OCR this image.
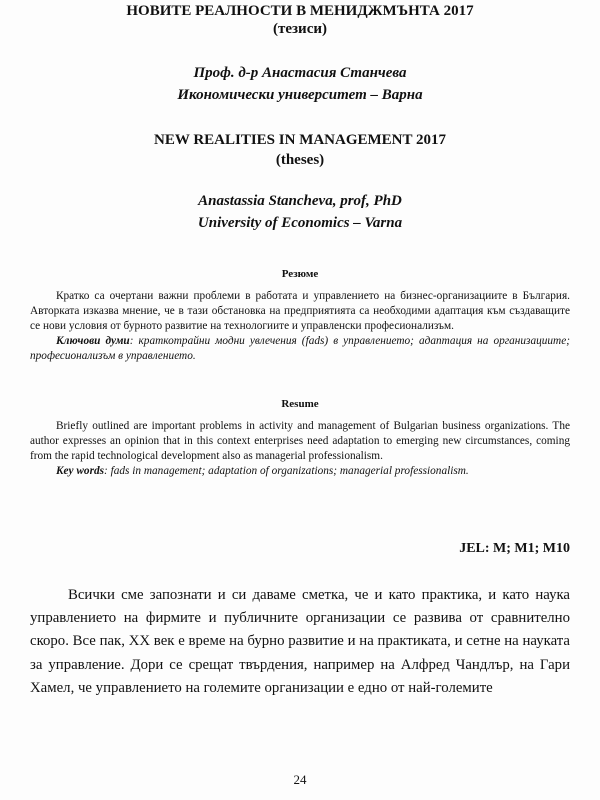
НОВИТЕ РЕАЛНОСТИ В МЕНИДЖМЪНТА 2017
(тезиси)
Проф. д-р Анастасия Станчева
Икономически университет – Варна
NEW REALITIES IN MANAGEMENT 2017
(theses)
Anastassia Stancheva, prof, PhD
University of Economics – Varna
Резюме

Кратко са очертани важни проблеми в работата и управлението на бизнес-организациите в България. Авторката изказва мнение, че в тази обстановка на предприятията са необходими адаптация към създаващите се нови условия от бурното развитие на технологиите и управленски професионализъм.

Ключови думи: краткотрайни модни увлечения (fads) в управлението; адаптация на организациите; професионализъм в управлението.

Resume

Briefly outlined are important problems in activity and management of Bulgarian business organizations. The author expresses an opinion that in this context enterprises need adaptation to emerging new circumstances, coming from the rapid technological development also as managerial professionalism.

Key words: fads in management; adaptation of organizations; managerial professionalism.

JEL: M; M1; M10

Всички сме запознати и си даваме сметка, че и като практика, и като наука управлението на фирмите и публичните организации се развива от сравнително скоро. Все пак, XX век е време на бурно развитие и на практиката, и сетне на науката за управление. Дори се срещат твърдения, например на Алфред Чандлър, на Гари Хамел, че управлението на големите организации е едно от най-големите

24
